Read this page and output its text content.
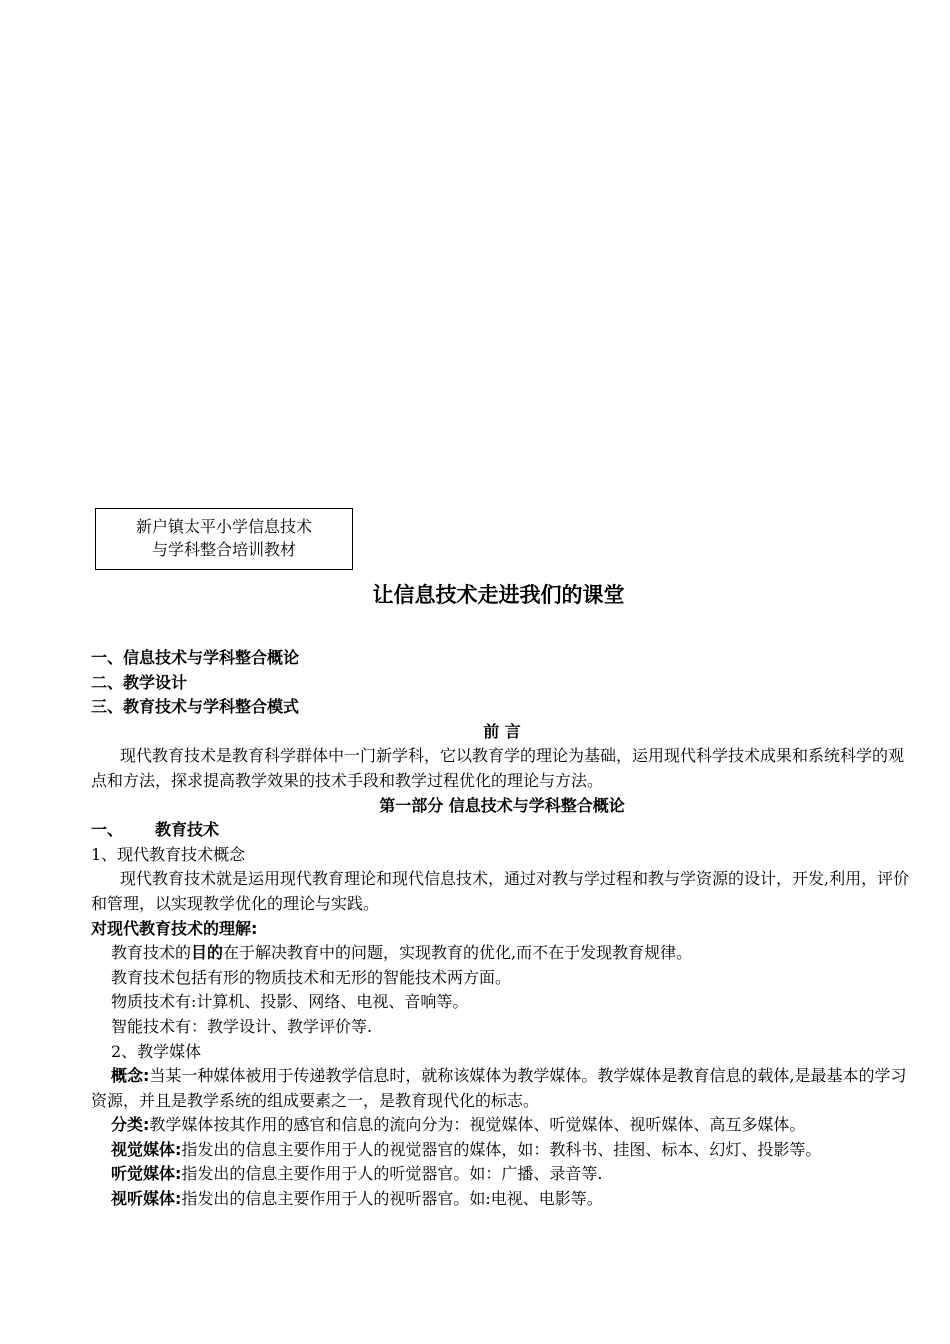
新户镇太平小学信息技术
与学科整合培训教材
让信息技术走进我们的课堂

一、信息技术与学科整合概论

二、教学设计

三、教育技术与学科整合模式

前 言

现代教育技术是教育科学群体中一门新学科，它以教育学的理论为基础，运用现代科学技术成果和系统科学的观点和方法，探求提高教学效果的技术手段和教学过程优化的理论与方法。

第一部分 信息技术与学科整合概论

一、 教育技术

1、现代教育技术概念

现代教育技术就是运用现代教育理论和现代信息技术，通过对教与学过程和教与学资源的设计，开发,利用，评价和管理，以实现教学优化的理论与实践。

对现代教育技术的理解:

教育技术的目的在于解决教育中的问题，实现教育的优化,而不在于发现教育规律。

教育技术包括有形的物质技术和无形的智能技术两方面。

物质技术有:计算机、投影、网络、电视、音响等。

智能技术有：教学设计、教学评价等.

2、教学媒体

概念:当某一种媒体被用于传递教学信息时，就称该媒体为教学媒体。教学媒体是教育信息的载体,是最基本的学习资源，并且是教学系统的组成要素之一，是教育现代化的标志。

分类:教学媒体按其作用的感官和信息的流向分为：视觉媒体、听觉媒体、视听媒体、高互多媒体。

视觉媒体:指发出的信息主要作用于人的视觉器官的媒体，如：教科书、挂图、标本、幻灯、投影等。

听觉媒体:指发出的信息主要作用于人的听觉器官。如：广播、录音等.

视听媒体:指发出的信息主要作用于人的视听器官。如:电视、电影等。
